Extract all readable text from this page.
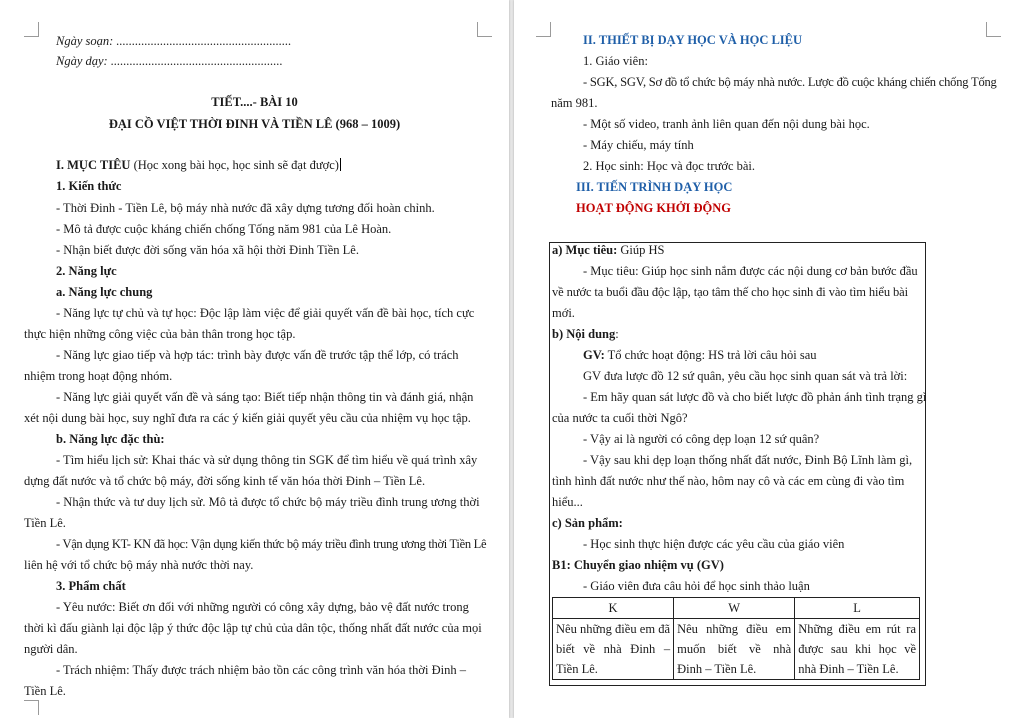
Ngày soạn: ........................................................
Ngày dạy: .......................................................
TIẾT....- BÀI 10
ĐẠI CỒ VIỆT THỜI ĐINH VÀ TIỀN LÊ (968 – 1009)
I. MỤC TIÊU (Học xong bài học, học sinh sẽ đạt được)
1. Kiến thức
- Thời Đinh - Tiền Lê, bộ máy nhà nước đã xây dựng tương đối hoàn chỉnh.
- Mô tả được cuộc kháng chiến chống Tống năm 981 của Lê Hoàn.
- Nhận biết được đời sống văn hóa xã hội thời Đinh Tiền Lê.
2. Năng lực
a. Năng lực chung
- Năng lực tự chủ và tự học: Độc lập làm việc để giải quyết vấn đề bài học, tích cực
thực hiện những công việc của bản thân trong học tập.
- Năng lực giao tiếp và hợp tác: trình bày được vấn đề trước tập thể lớp, có trách
nhiệm trong hoạt động nhóm.
- Năng lực giải quyết vấn đề và sáng tạo: Biết tiếp nhận thông tin và đánh giá, nhận
xét nội dung bài học, suy nghĩ đưa ra các ý kiến giải quyết yêu cầu của nhiệm vụ học tập.
b. Năng lực đặc thù:
- Tìm hiểu lịch sử: Khai thác và sử dụng thông tin SGK để tìm hiểu về quá trình xây
dựng đất nước và tổ chức bộ máy, đời sống kinh tế văn hóa thời Đinh – Tiền Lê.
- Nhận thức và tư duy lịch sử. Mô tả được tổ chức bộ máy triều đình trung ương thời
Tiền Lê.
- Vận dụng KT- KN đã học: Vận dụng kiến thức bộ máy triều đình trung ương thời Tiền Lê
liên hệ với tổ chức bộ máy nhà nước thời nay.
3. Phẩm chất
- Yêu nước: Biết ơn đối với những người có công xây dựng, bảo vệ đất nước trong
thời kì đấu giành lại độc lập ý thức độc lập tự chủ của dân tộc, thống nhất đất nước của mọi
người dân.
- Trách nhiệm: Thấy được trách nhiệm bảo tồn các công trình văn hóa thời Đinh –
Tiền Lê.
II. THIẾT BỊ DẠY HỌC VÀ HỌC LIỆU
1. Giáo viên:
- SGK, SGV, Sơ đồ tổ chức bộ máy nhà nước. Lược đồ cuộc kháng chiến chống Tống
năm 981.
- Một số video, tranh ảnh liên quan đến nội dung bài học.
- Máy chiếu, máy tính
2. Học sinh: Học và đọc trước bài.
III. TIẾN TRÌNH DẠY HỌC
HOẠT ĐỘNG KHỞI ĐỘNG
a) Mục tiêu: Giúp HS
- Mục tiêu: Giúp học sinh nắm được các nội dung cơ bản bước đầu
về nước ta buổi đầu độc lập, tạo tâm thế cho học sinh đi vào tìm hiểu bài
mới.
b) Nội dung:
GV: Tổ chức hoạt động: HS trả lời câu hỏi sau
GV đưa lược đồ 12 sứ quân, yêu cầu học sinh quan sát và trả lời:
- Em hãy quan sát lược đồ và cho biết lược đồ phản ánh tình trạng gì
của nước ta cuối thời Ngô?
- Vậy ai là người có công dẹp loạn 12 sứ quân?
- Vậy sau khi dẹp loạn thống nhất đất nước, Đinh Bộ Lĩnh làm gì,
tình hình đất nước như thế nào, hôm nay cô và các em cùng đi vào tìm
hiểu...
c) Sản phẩm:
- Học sinh thực hiện được các yêu cầu của giáo viên
B1: Chuyển giao nhiệm vụ (GV)
- Giáo viên đưa câu hỏi để học sinh thảo luận
K	W	L
Nêu những điều em đã biết về nhà Đinh – Tiền Lê.	Nêu những điều em muốn biết về nhà Đinh – Tiền Lê.	Những điều em rút ra được sau khi học về nhà Đinh – Tiền Lê.
